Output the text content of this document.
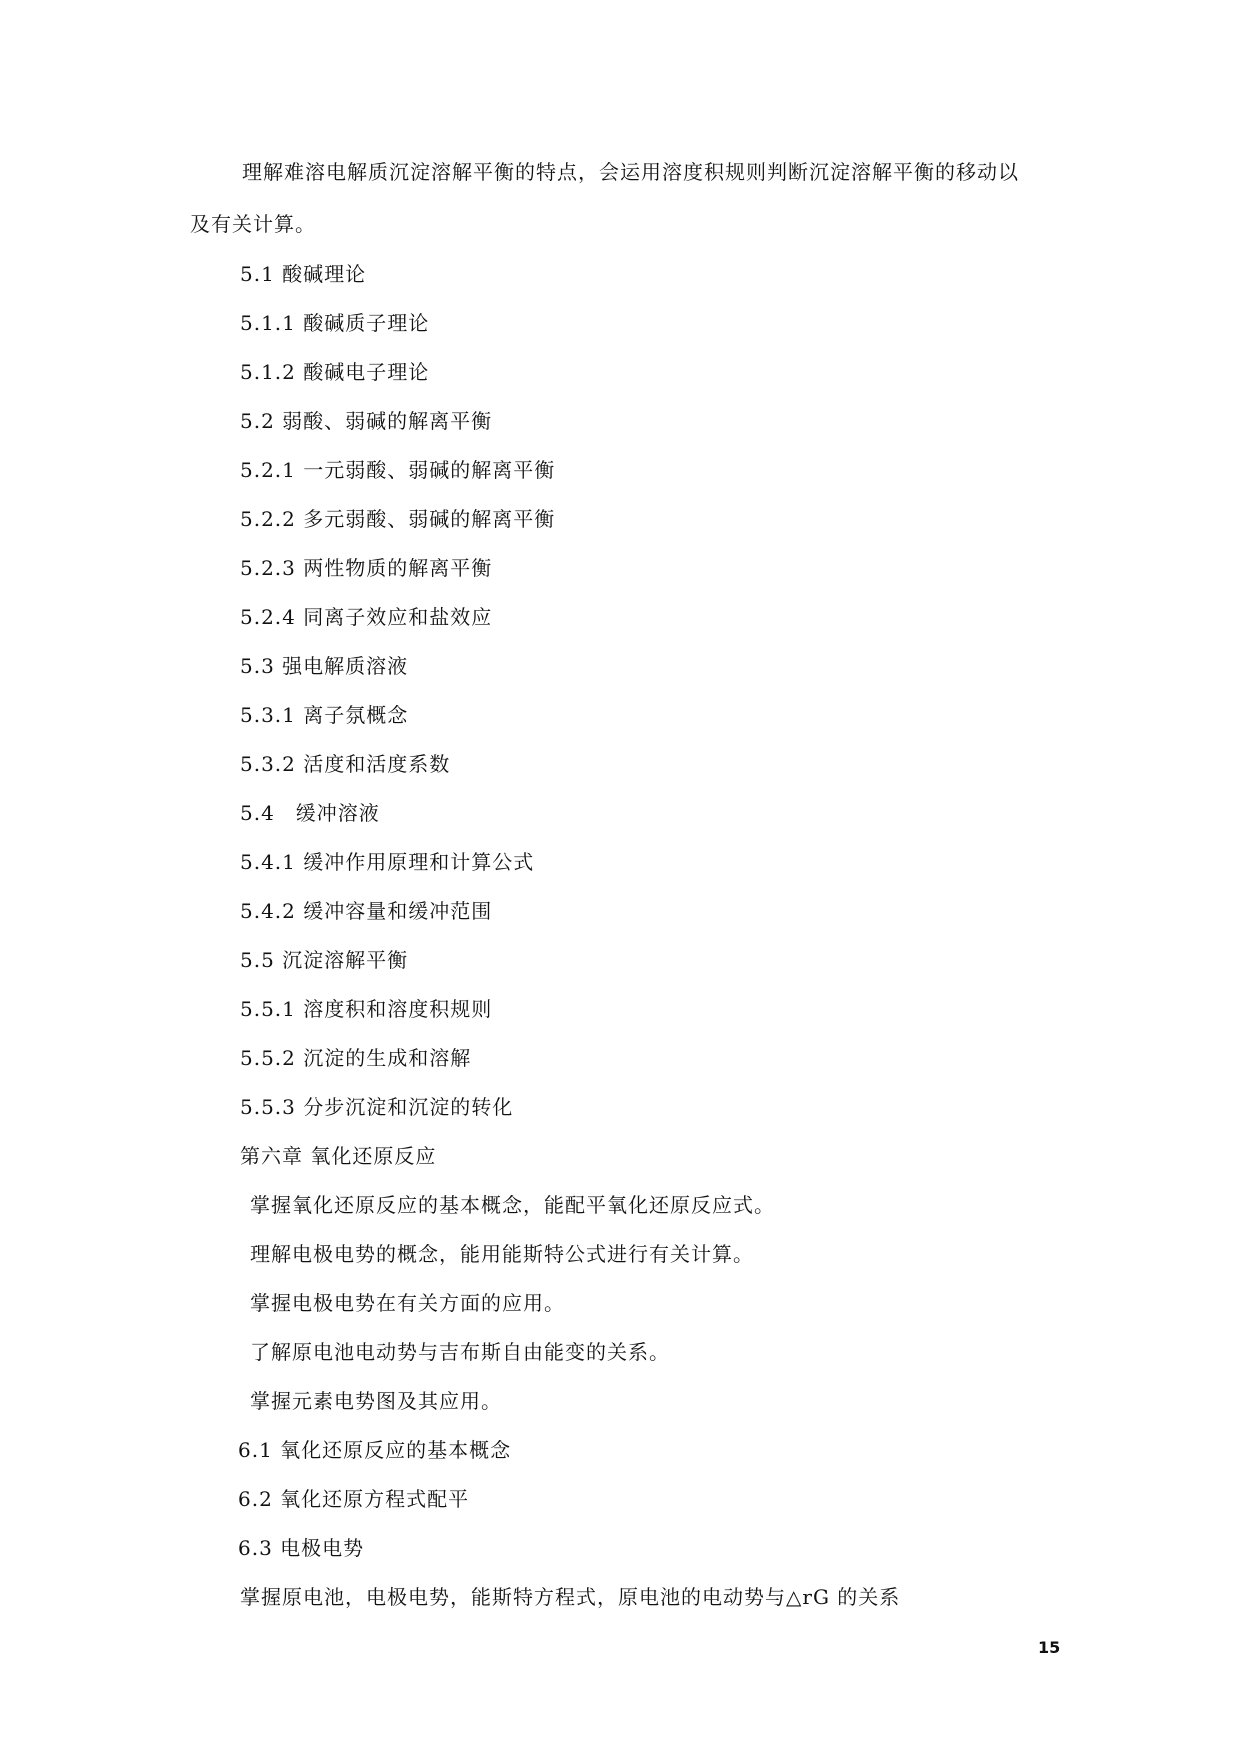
理解难溶电解质沉淀溶解平衡的特点，会运用溶度积规则判断沉淀溶解平衡的移动以
及有关计算。
5.1 酸碱理论
5.1.1 酸碱质子理论
5.1.2 酸碱电子理论
5.2 弱酸、弱碱的解离平衡
5.2.1 一元弱酸、弱碱的解离平衡
5.2.2 多元弱酸、弱碱的解离平衡
5.2.3 两性物质的解离平衡
5.2.4 同离子效应和盐效应
5.3 强电解质溶液
5.3.1 离子氛概念
5.3.2 活度和活度系数
5.4　缓冲溶液
5.4.1 缓冲作用原理和计算公式
5.4.2 缓冲容量和缓冲范围
5.5 沉淀溶解平衡
5.5.1 溶度积和溶度积规则
5.5.2 沉淀的生成和溶解
5.5.3 分步沉淀和沉淀的转化
第六章 氧化还原反应
掌握氧化还原反应的基本概念，能配平氧化还原反应式。
理解电极电势的概念，能用能斯特公式进行有关计算。
掌握电极电势在有关方面的应用。
了解原电池电动势与吉布斯自由能变的关系。
掌握元素电势图及其应用。
6.1 氧化还原反应的基本概念
6.2 氧化还原方程式配平
6.3 电极电势
掌握原电池，电极电势，能斯特方程式，原电池的电动势与△rG 的关系
15
